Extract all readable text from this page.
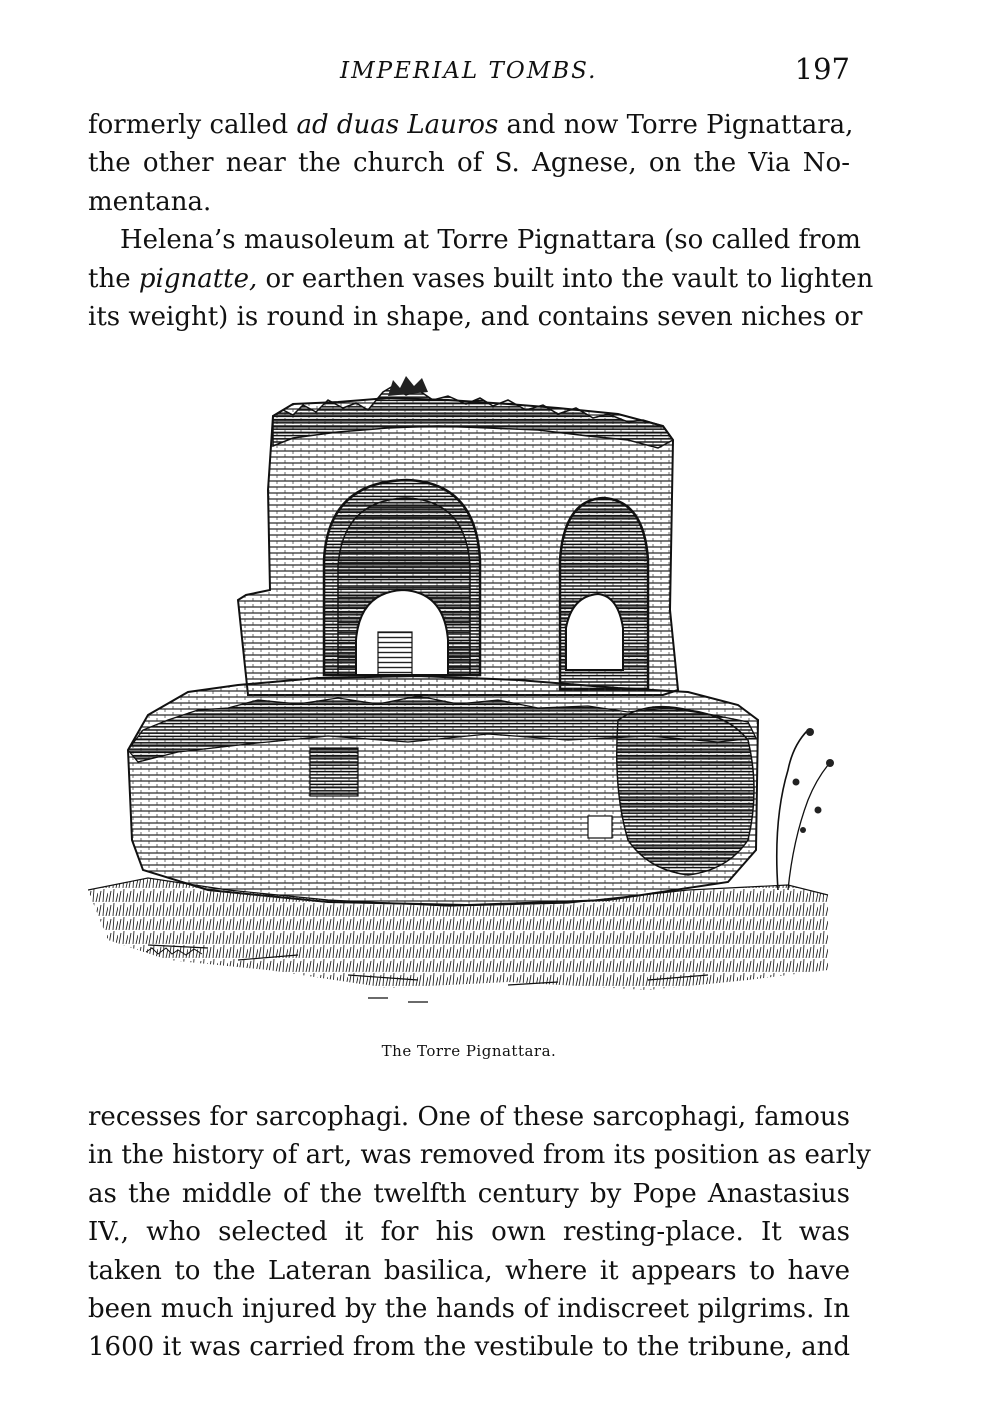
IMPERIAL TOMBS.	197
formerly called ad duas Lauros and now Torre Pignattara,
the other near the church of S. Agnese, on the Via No-
mentana.
Helena’s mausoleum at Torre Pignattara (so called from
the pignatte, or earthen vases built into the vault to lighten
its weight) is round in shape, and contains seven niches or
The Torre Pignattara.
recesses for sarcophagi. One of these sarcophagi, famous
in the history of art, was removed from its position as early
as the middle of the twelfth century by Pope Anastasius
IV., who selected it for his own resting-place. It was
taken to the Lateran basilica, where it appears to have
been much injured by the hands of indiscreet pilgrims. In
1600 it was carried from the vestibule to the tribune, and
